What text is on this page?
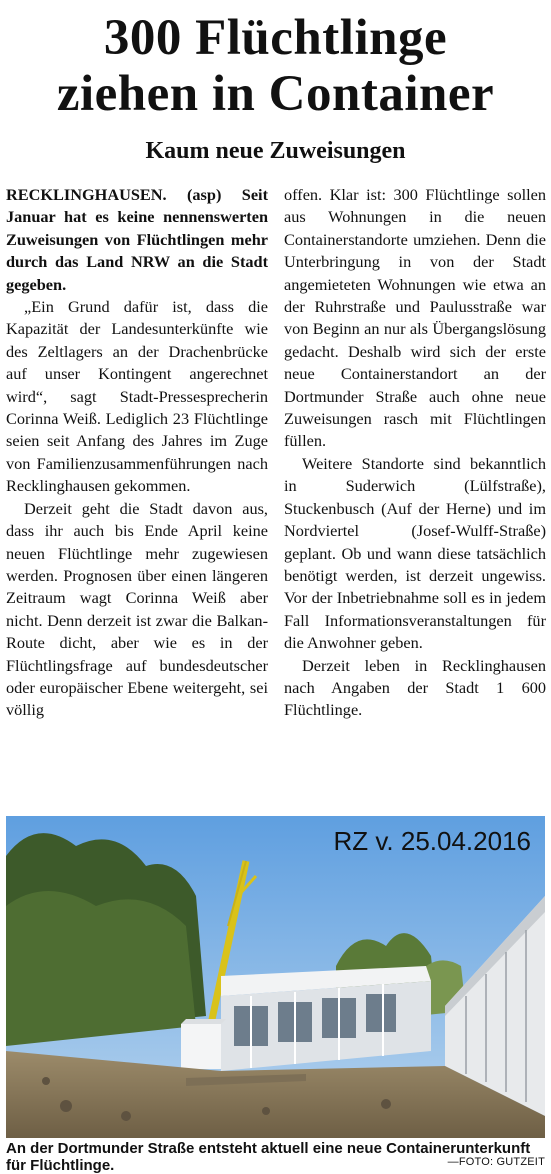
300 Flüchtlinge
ziehen in Container
Kaum neue Zuweisungen

RECKLINGHAUSEN. (asp) Seit Januar hat es keine nennenswerten Zuweisungen von Flüchtlingen mehr durch das Land NRW an die Stadt gegeben.

„Ein Grund dafür ist, dass die Kapazität der Landesunterkünfte wie des Zeltlagers an der Drachenbrücke auf unser Kontingent angerechnet wird“, sagt Stadt-Pressesprecherin Corinna Weiß. Lediglich 23 Flüchtlinge seien seit Anfang des Jahres im Zuge von Familienzusammenführungen nach Recklinghausen gekommen.

Derzeit geht die Stadt davon aus, dass ihr auch bis Ende April keine neuen Flüchtlinge mehr zugewiesen werden. Prognosen über einen längeren Zeitraum wagt Corinna Weiß aber nicht. Denn derzeit ist zwar die Balkan-Route dicht, aber wie es in der Flüchtlingsfrage auf bundesdeutscher oder europäischer Ebene weitergeht, sei völlig

offen. Klar ist: 300 Flüchtlinge sollen aus Wohnungen in die neuen Containerstandorte umziehen. Denn die Unterbringung in von der Stadt angemieteten Wohnungen wie etwa an der Ruhrstraße und Paulusstraße war von Beginn an nur als Übergangslösung gedacht. Deshalb wird sich der erste neue Containerstandort an der Dortmunder Straße auch ohne neue Zuweisungen rasch mit Flüchtlingen füllen.

Weitere Standorte sind bekanntlich in Suderwich (Lülfstraße), Stuckenbusch (Auf der Herne) und im Nordviertel (Josef-Wulff-Straße) geplant. Ob und wann diese tatsächlich benötigt werden, ist derzeit ungewiss. Vor der Inbetriebnahme soll es in jedem Fall Informationsveranstaltungen für die Anwohner geben.

Derzeit leben in Recklinghausen nach Angaben der Stadt 1 600 Flüchtlinge.

RZ v. 25.04.2016
An der Dortmunder Straße entsteht aktuell eine neue Containerunterkunft für Flüchtlinge.	—FOTO: GUTZEIT
